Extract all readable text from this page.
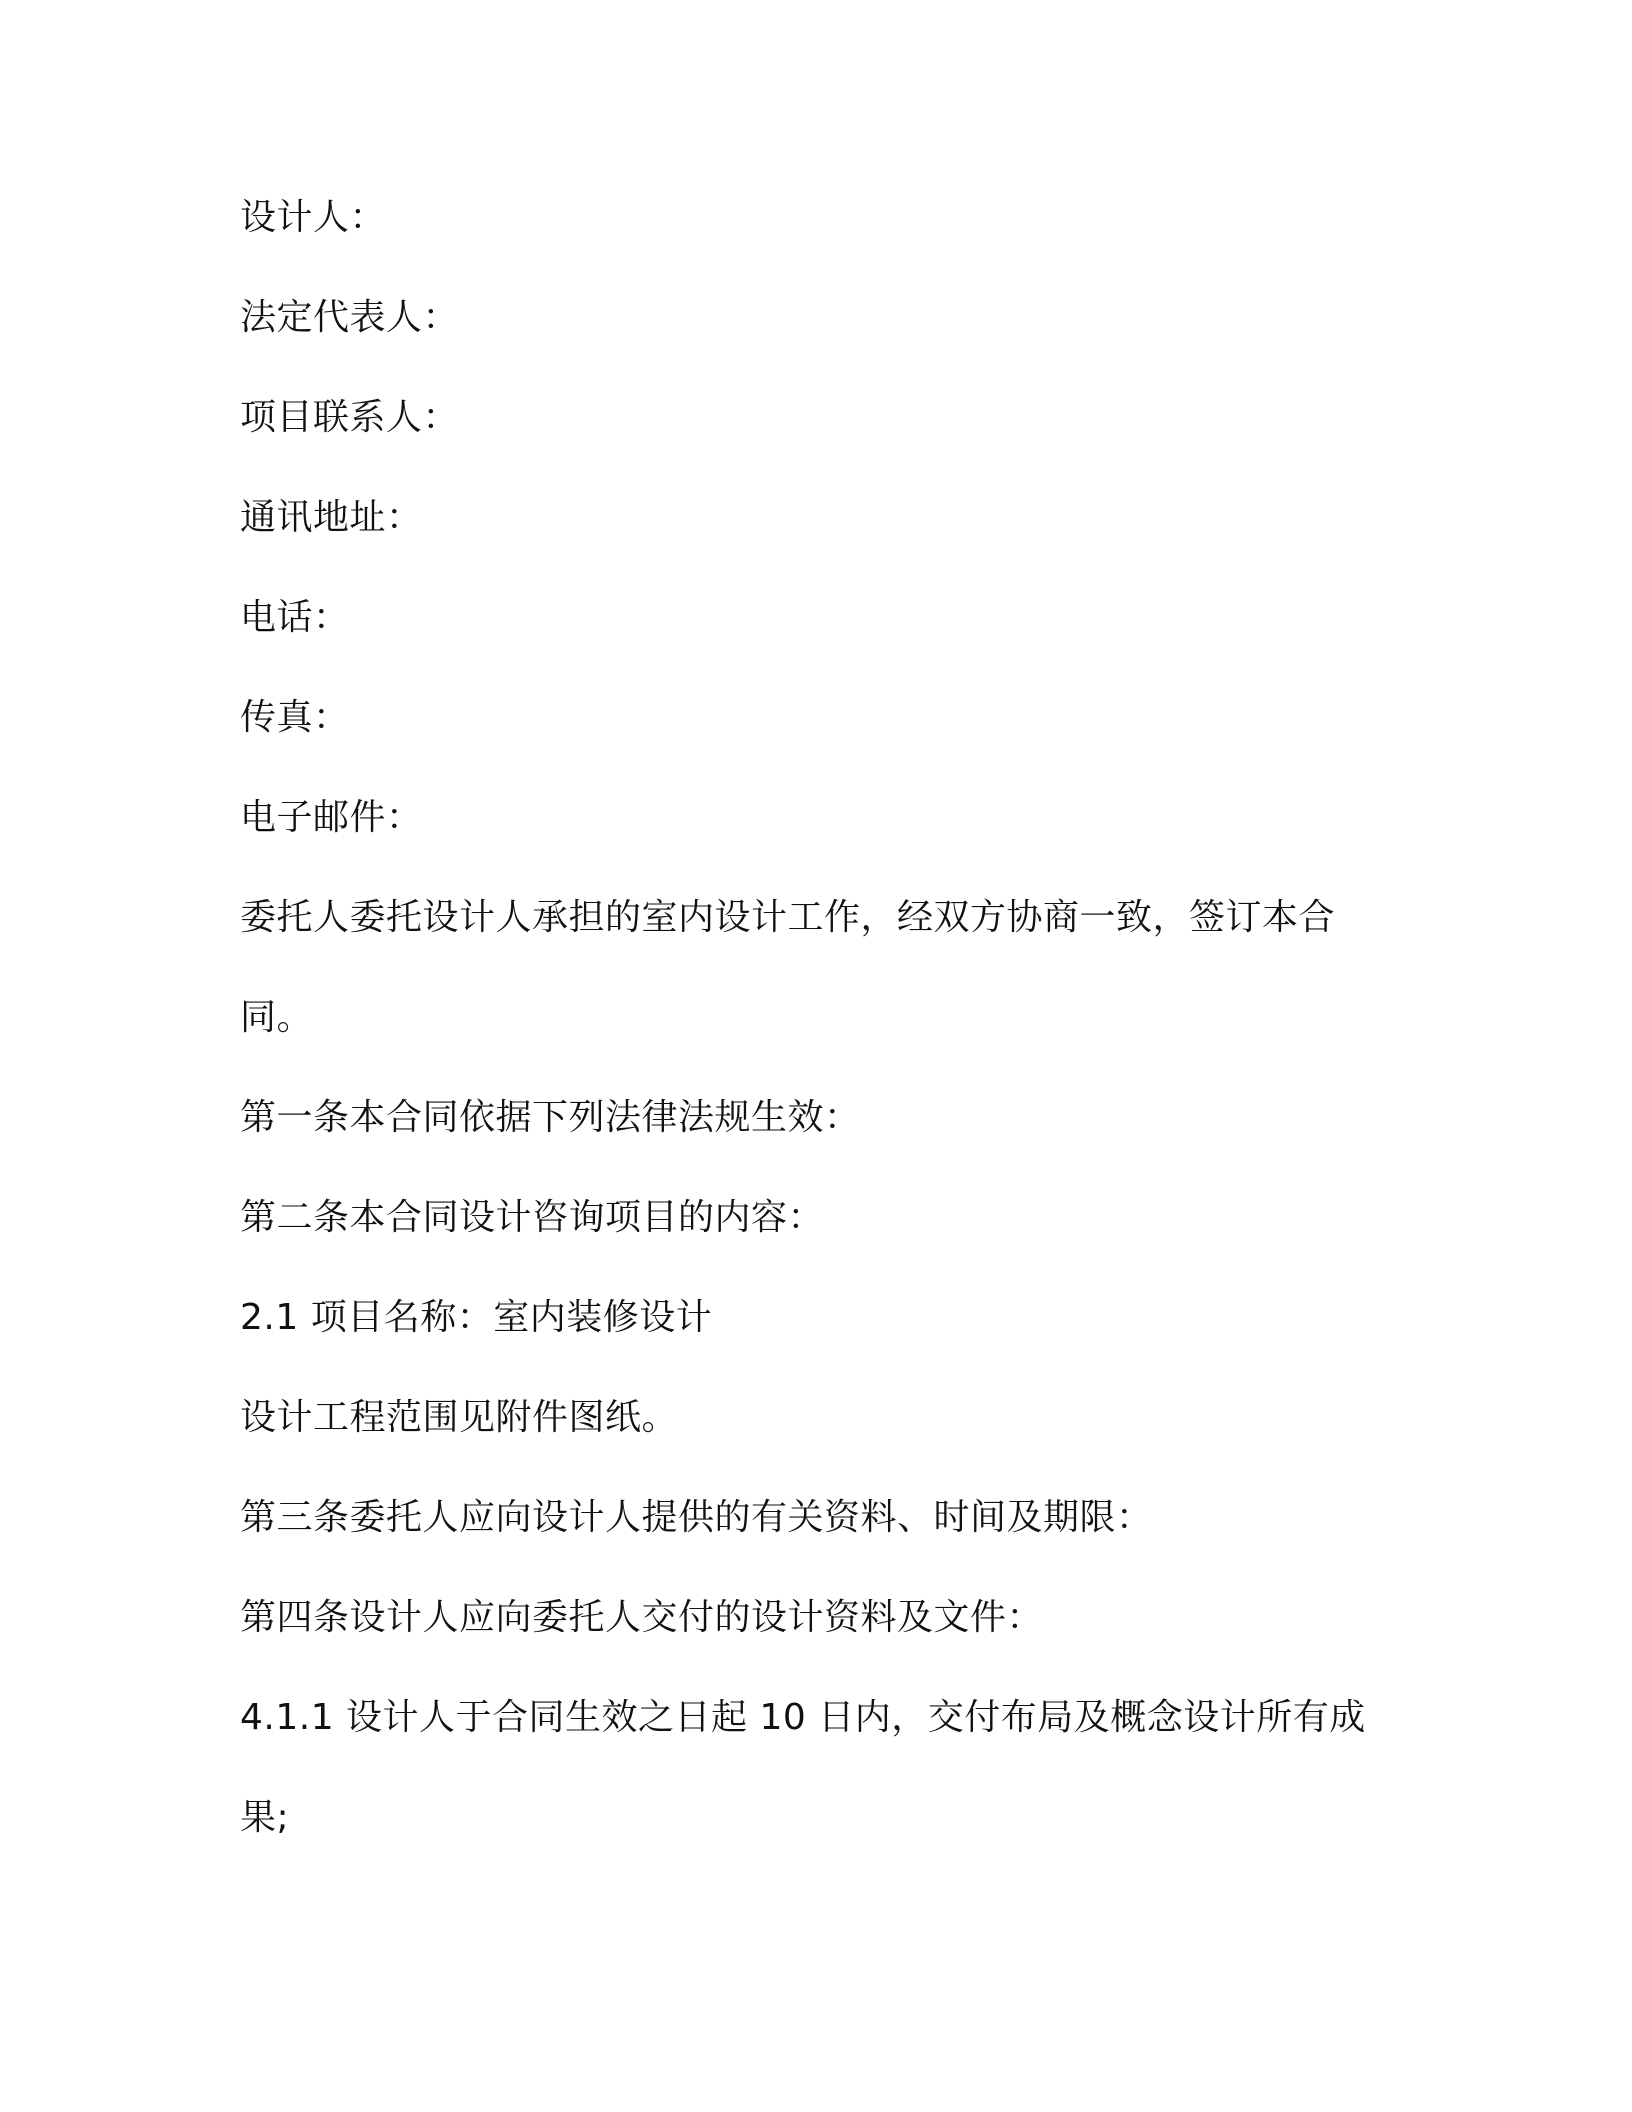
设计人：
法定代表人：
项目联系人：
通讯地址：
电话：
传真：
电子邮件：
委托人委托设计人承担的室内设计工作，经双方协商一致，签订本合
同。
第一条本合同依据下列法律法规生效：
第二条本合同设计咨询项目的内容：
2.1 项目名称：室内装修设计
设计工程范围见附件图纸。
第三条委托人应向设计人提供的有关资料、时间及期限：
第四条设计人应向委托人交付的设计资料及文件：
4.1.1 设计人于合同生效之日起 10 日内，交付布局及概念设计所有成
果;
